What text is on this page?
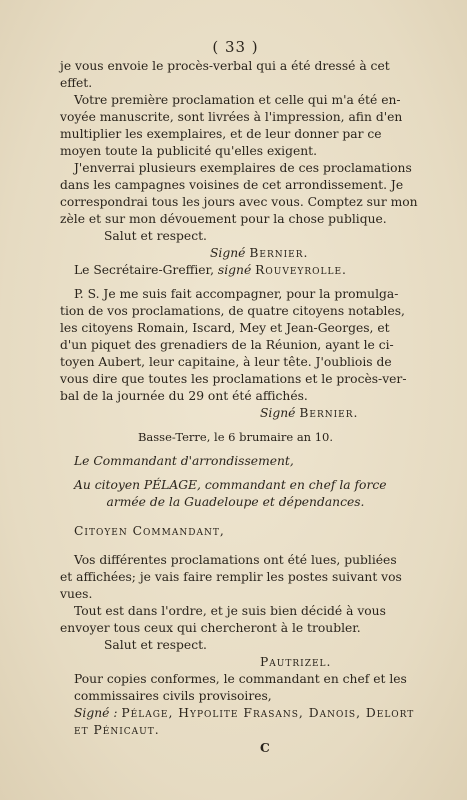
( 33 )
je vous envoie le procès-verbal qui a été dressé à cet
effet.
Votre première proclamation et celle qui m'a été en-
voyée manuscrite, sont livrées à l'impression, afin d'en
multiplier les exemplaires, et de leur donner par ce
moyen toute la publicité qu'elles exigent.
J'enverrai plusieurs exemplaires de ces proclamations
dans les campagnes voisines de cet arrondissement. Je
correspondrai tous les jours avec vous. Comptez sur mon
zèle et sur mon dévouement pour la chose publique.
Salut et respect.
Signé Bernier.
Le Secrétaire-Greffier, signé Rouveyrolle.
P. S. Je me suis fait accompagner, pour la promulga-
tion de vos proclamations, de quatre citoyens notables,
les citoyens Romain, Iscard, Mey et Jean-Georges, et
d'un piquet des grenadiers de la Réunion, ayant le ci-
toyen Aubert, leur capitaine, à leur tête. J'oubliois de
vous dire que toutes les proclamations et le procès-ver-
bal de la journée du 29 ont été affichés.
Signé Bernier.
Basse-Terre, le 6 brumaire an 10.
Le Commandant d'arrondissement,
Au citoyen PÉLAGE, commandant en chef la force
armée de la Guadeloupe et dépendances.
Citoyen Commandant,
Vos différentes proclamations ont été lues, publiées
et affichées; je vais faire remplir les postes suivant vos
vues.
Tout est dans l'ordre, et je suis bien décidé à vous
envoyer tous ceux qui chercheront à le troubler.
Salut et respect.
Pautrizel.
Pour copies conformes, le commandant en chef et les
commissaires civils provisoires,
Signé : Pélage, Hypolite Frasans, Danois, Delort
et Pénicaut.
C
